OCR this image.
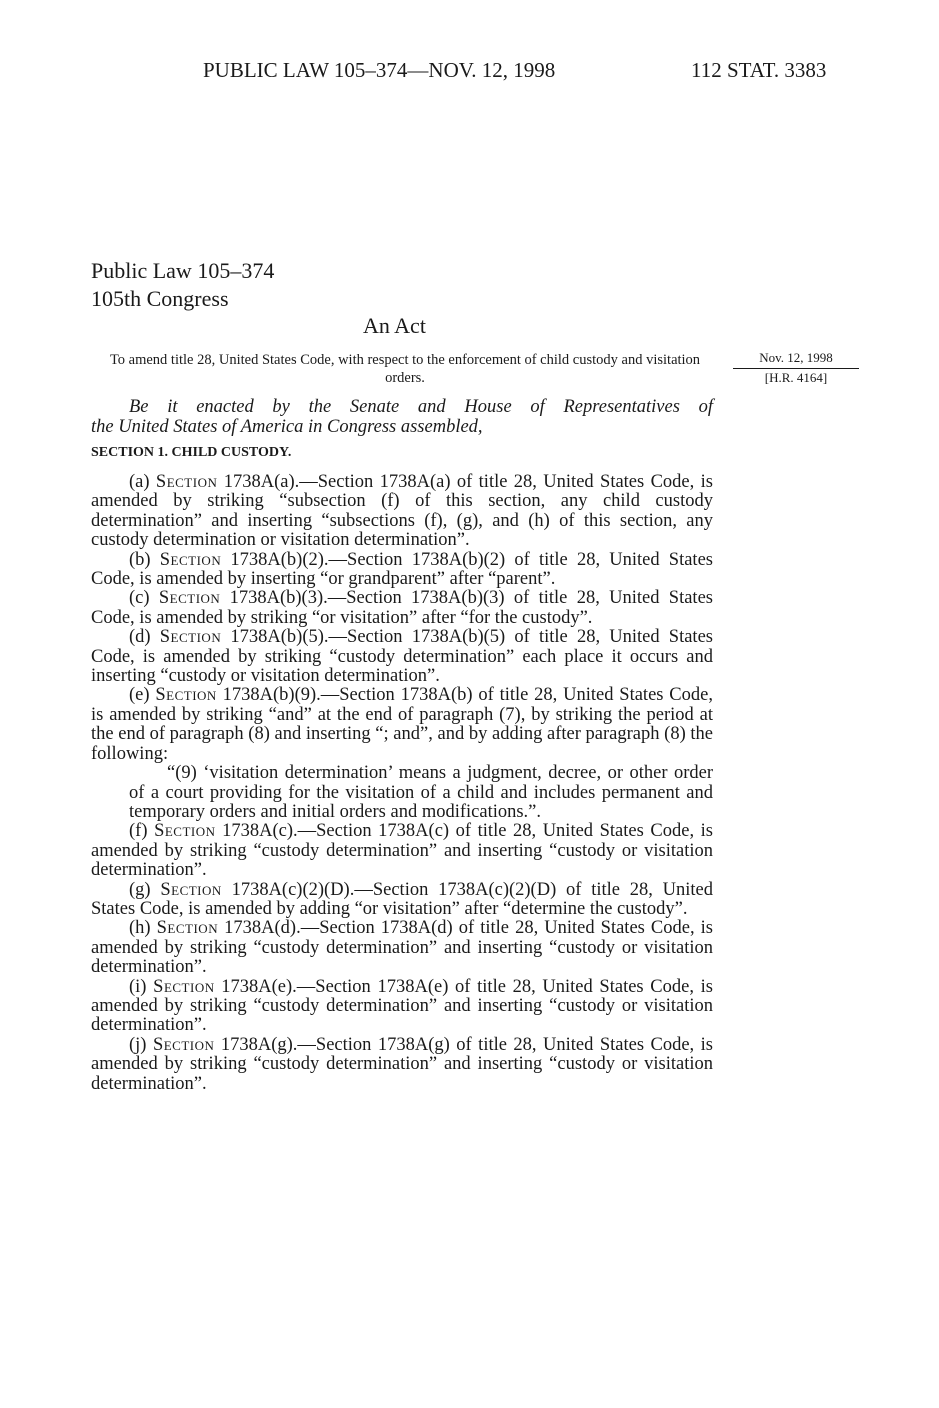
PUBLIC LAW 105–374—NOV. 12, 1998	112 STAT. 3383
Public Law 105–374
105th Congress
An Act
To amend title 28, United States Code, with respect to the enforcement of child custody and visitation orders.
Nov. 12, 1998
[H.R. 4164]
Be it enacted by the Senate and House of Representatives of
the United States of America in Congress assembled,
SECTION 1. CHILD CUSTODY.

(a) Section 1738A(a).—Section 1738A(a) of title 28, United States Code, is amended by striking “subsection (f) of this section, any child custody determination” and inserting “subsections (f), (g), and (h) of this section, any custody determination or visitation determination”.

(b) Section 1738A(b)(2).—Section 1738A(b)(2) of title 28, United States Code, is amended by inserting “or grandparent” after “parent”.

(c) Section 1738A(b)(3).—Section 1738A(b)(3) of title 28, United States Code, is amended by striking “or visitation” after “for the custody”.

(d) Section 1738A(b)(5).—Section 1738A(b)(5) of title 28, United States Code, is amended by striking “custody determination” each place it occurs and inserting “custody or visitation determination”.

(e) Section 1738A(b)(9).—Section 1738A(b) of title 28, United States Code, is amended by striking “and” at the end of paragraph (7), by striking the period at the end of paragraph (8) and inserting “; and”, and by adding after paragraph (8) the following:

“(9) ‘visitation determination’ means a judgment, decree, or other order of a court providing for the visitation of a child and includes permanent and temporary orders and initial orders and modifications.”.

(f) Section 1738A(c).—Section 1738A(c) of title 28, United States Code, is amended by striking “custody determination” and inserting “custody or visitation determination”.

(g) Section 1738A(c)(2)(D).—Section 1738A(c)(2)(D) of title 28, United States Code, is amended by adding “or visitation” after “determine the custody”.

(h) Section 1738A(d).—Section 1738A(d) of title 28, United States Code, is amended by striking “custody determination” and inserting “custody or visitation determination”.

(i) Section 1738A(e).—Section 1738A(e) of title 28, United States Code, is amended by striking “custody determination” and inserting “custody or visitation determination”.

(j) Section 1738A(g).—Section 1738A(g) of title 28, United States Code, is amended by striking “custody determination” and inserting “custody or visitation determination”.
